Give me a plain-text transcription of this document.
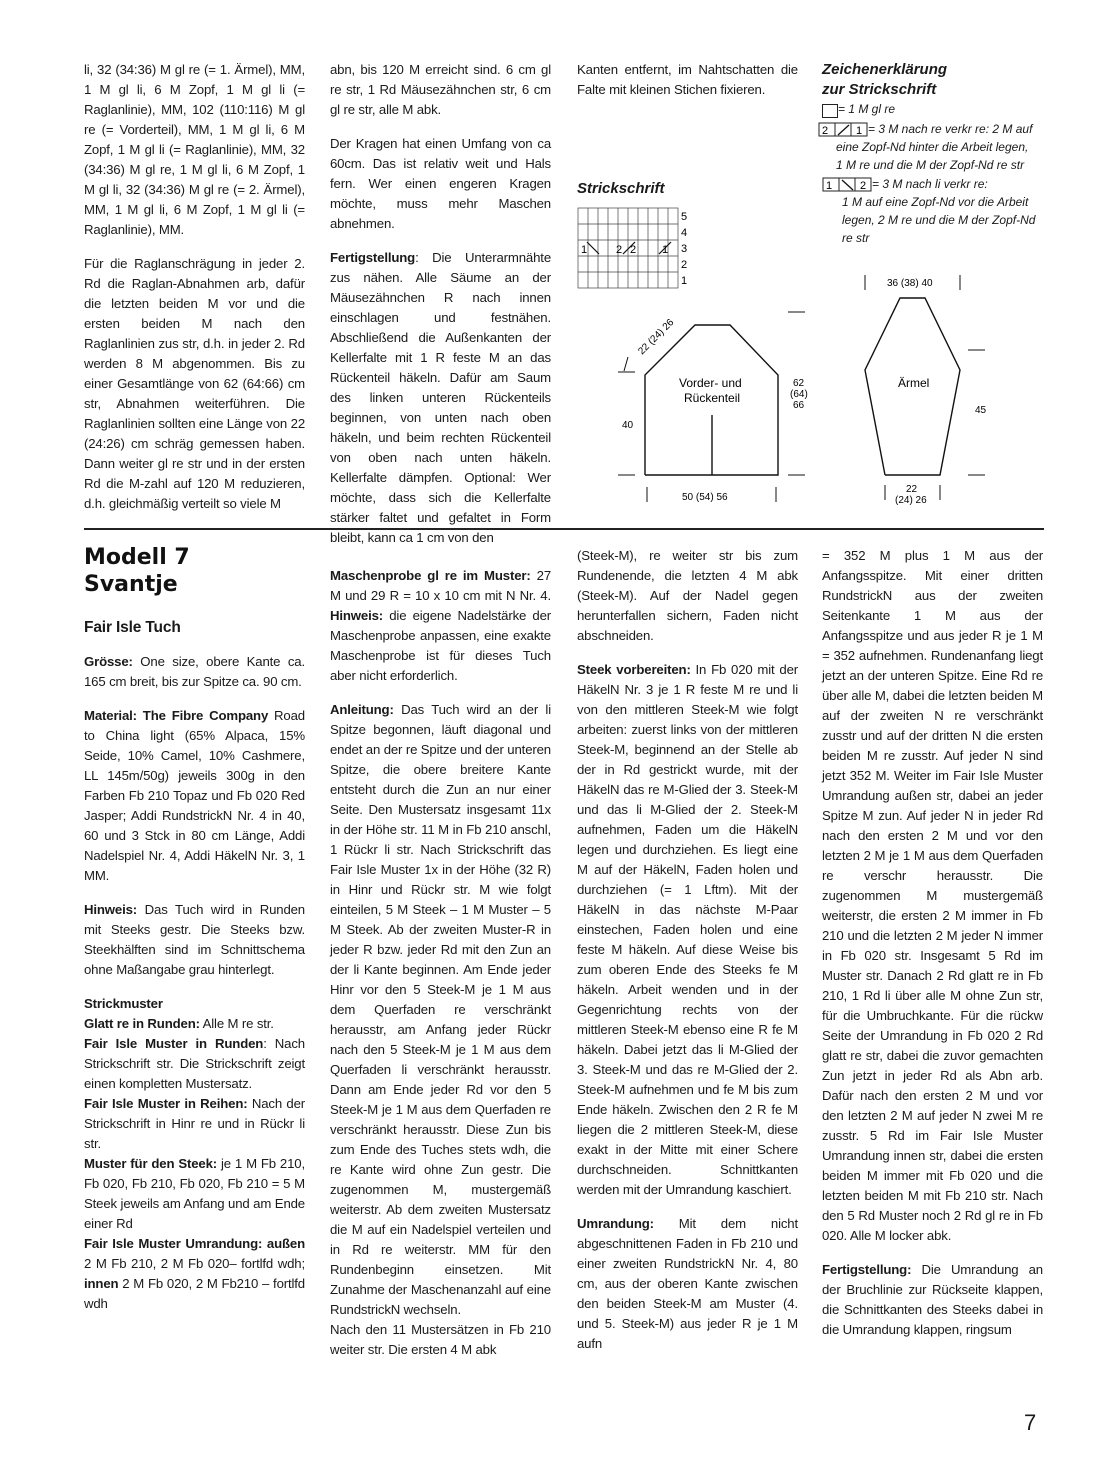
li, 32 (34:36) M gl re (= 1. Ärmel), MM, 1 M gl li, 6 M Zopf, 1 M gl li (= Raglanlinie), MM, 102 (110:116) M gl re (= Vorderteil), MM, 1 M gl li, 6 M Zopf, 1 M gl li (= Raglanlinie), MM, 32 (34:36) M gl re, 1 M gl li, 6 M Zopf, 1 M gl li, 32 (34:36) M gl re (= 2. Ärmel), MM, 1 M gl li, 6 M Zopf, 1 M gl li (= Raglanlinie), MM.

Für die Raglanschrägung in jeder 2. Rd die Raglan-Abnahmen arb, dafür die letzten beiden M vor und die ersten beiden M nach den Raglanlinien zus str, d.h. in jeder 2. Rd werden 8 M abgenommen. Bis zu einer Gesamtlänge von 62 (64:66) cm str, Abnahmen weiterführen. Die Raglanlinien sollten eine Länge von 22 (24:26) cm schräg gemessen haben. Dann weiter gl re str und in der ersten Rd die M-zahl auf 120 M reduzieren, d.h. gleichmäßig verteilt so viele M

abn, bis 120 M erreicht sind. 6 cm gl re str, 1 Rd Mäusezähnchen str, 6 cm gl re str, alle M abk.

Der Kragen hat einen Umfang von ca 60cm. Das ist relativ weit und Hals fern. Wer einen engeren Kragen möchte, muss mehr Maschen abnehmen.

Fertigstellung: Die Unterarmnähte zus nähen. Alle Säume an der Mäusezähnchen R nach innen einschlagen und festnähen. Abschließend die Außenkanten der Kellerfalte mit 1 R feste M an das Rückenteil häkeln. Dafür am Saum des linken unteren Rückenteils beginnen, von unten nach oben häkeln, und beim rechten Rückenteil von oben nach unten häkeln. Kellerfalte dämpfen. Optional: Wer möchte, dass sich die Kellerfalte stärker faltet und gefaltet in Form bleibt, kann ca 1 cm von den

Kanten entfernt, im Nahtschatten die Falte mit kleinen Stichen fixieren.

Strickschrift
1	2 2 1
5
4
3
2
1
Zeichenerklärung
zur Strickschrift
= 1 M gl re
2	1 = 3 M nach re verkr re: 2 M auf
eine Zopf-Nd hinter die Arbeit legen,
1 M re und die M der Zopf-Nd re str
1	2 = 3 M nach li verkr re:
1 M auf eine Zopf-Nd vor die Arbeit
legen, 2 M re und die M der Zopf-Nd
re str
Vorder- und
Rückenteil
40
62
(64)
66
50 (54) 56
22 (24) 26
36 (38) 40
Ärmel
45
22
(24) 26
Modell 7
Svantje

Fair Isle Tuch

Grösse: One size, obere Kante ca. 165 cm breit, bis zur Spitze ca. 90 cm.

Material: The Fibre Company Road to China light (65% Alpaca, 15% Seide, 10% Camel, 10% Cashmere, LL 145m/50g) jeweils 300g in den Farben Fb 210 Topaz und Fb 020 Red Jasper; Addi RundstrickN Nr. 4 in 40, 60 und 3 Stck in 80 cm Länge, Addi Nadelspiel Nr. 4, Addi HäkelN Nr. 3, 1 MM.

Hinweis: Das Tuch wird in Runden mit Steeks gestr. Die Steeks bzw. Steekhälften sind im Schnittschema ohne Maßangabe grau hinterlegt.

Strickmuster

Glatt re in Runden: Alle M re str.

Fair Isle Muster in Runden: Nach Strickschrift str. Die Strickschrift zeigt einen kompletten Mustersatz.

Fair Isle Muster in Reihen: Nach der Strickschrift in Hinr re und in Rückr li str.

Muster für den Steek: je 1 M Fb 210, Fb 020, Fb 210, Fb 020, Fb 210 = 5 M Steek jeweils am Anfang und am Ende einer Rd

Fair Isle Muster Umrandung: außen 2 M Fb 210, 2 M Fb 020– fortlfd wdh; innen 2 M Fb 020, 2 M Fb210 – fortlfd wdh

Maschenprobe gl re im Muster: 27 M und 29 R = 10 x 10 cm mit N Nr. 4. Hinweis: die eigene Nadelstärke der Maschenprobe anpassen, eine exakte Maschenprobe ist für dieses Tuch aber nicht erforderlich.

Anleitung: Das Tuch wird an der li Spitze begonnen, läuft diagonal und endet an der re Spitze und der unteren Spitze, die obere breitere Kante entsteht durch die Zun an nur einer Seite. Den Mustersatz insgesamt 11x in der Höhe str. 11 M in Fb 210 anschl, 1 Rückr li str. Nach Strickschrift das Fair Isle Muster 1x in der Höhe (32 R) in Hinr und Rückr str. M wie folgt einteilen, 5 M Steek – 1 M Muster – 5 M Steek. Ab der zweiten Muster-R in jeder R bzw. jeder Rd mit den Zun an der li Kante beginnen. Am Ende jeder Hinr vor den 5 Steek-M je 1 M aus dem Querfaden re verschränkt herausstr, am Anfang jeder Rückr nach den 5 Steek-M je 1 M aus dem Querfaden li verschränkt herausstr. Dann am Ende jeder Rd vor den 5 Steek-M je 1 M aus dem Querfaden re verschränkt herausstr. Diese Zun bis zum Ende des Tuches stets wdh, die re Kante wird ohne Zun gestr. Die zugenommen M, mustergemäß weiterstr. Ab dem zweiten Mustersatz die M auf ein Nadelspiel verteilen und in Rd re weiterstr. MM für den Rundenbeginn einsetzen. Mit Zunahme der Maschenanzahl auf eine RundstrickN wechseln.

Nach den 11 Mustersätzen in Fb 210 weiter str. Die ersten 4 M abk

(Steek-M), re weiter str bis zum Rundenende, die letzten 4 M abk (Steek-M). Auf der Nadel gegen herunterfallen sichern, Faden nicht abschneiden.

Steek vorbereiten: In Fb 020 mit der HäkelN Nr. 3 je 1 R feste M re und li von den mittleren Steek-M wie folgt arbeiten: zuerst links von der mittleren Steek-M, beginnend an der Stelle ab der in Rd gestrickt wurde, mit der HäkelN das re M-Glied der 3. Steek-M und das li M-Glied der 2. Steek-M aufnehmen, Faden um die HäkelN legen und durchziehen. Es liegt eine M auf der HäkelN, Faden holen und durchziehen (= 1 Lftm). Mit der HäkelN in das nächste M-Paar einstechen, Faden holen und eine feste M häkeln. Auf diese Weise bis zum oberen Ende des Steeks fe M häkeln. Arbeit wenden und in der Gegenrichtung rechts von der mittleren Steek-M ebenso eine R fe M häkeln. Dabei jetzt das li M-Glied der 3. Steek-M und das re M-Glied der 2. Steek-M aufnehmen und fe M bis zum Ende häkeln. Zwischen den 2 R fe M liegen die 2 mittleren Steek-M, diese exakt in der Mitte mit einer Schere durchschneiden. Schnittkanten werden mit der Umrandung kaschiert.

Umrandung: Mit dem nicht abgeschnittenen Faden in Fb 210 und einer zweiten RundstrickN Nr. 4, 80 cm, aus der oberen Kante zwischen den beiden Steek-M am Muster (4. und 5. Steek-M) aus jeder R je 1 M aufn

= 352 M plus 1 M aus der Anfangsspitze. Mit einer dritten RundstrickN aus der zweiten Seitenkante 1 M aus der Anfangsspitze und aus jeder R je 1 M = 352 aufnehmen. Rundenanfang liegt jetzt an der unteren Spitze. Eine Rd re über alle M, dabei die letzten beiden M auf der zweiten N re verschränkt zusstr und auf der dritten N die ersten beiden M re zusstr. Auf jeder N sind jetzt 352 M. Weiter im Fair Isle Muster Umrandung außen str, dabei an jeder Spitze M zun. Auf jeder N in jeder Rd nach den ersten 2 M und vor den letzten 2 M je 1 M aus dem Querfaden re verschr herausstr. Die zugenommen M mustergemäß weiterstr, die ersten 2 M immer in Fb 210 und die letzten 2 M jeder N immer in Fb 020 str. Insgesamt 5 Rd im Muster str. Danach 2 Rd glatt re in Fb 210, 1 Rd li über alle M ohne Zun str, für die Umbruchkante. Für die rückw Seite der Umrandung in Fb 020 2 Rd glatt re str, dabei die zuvor gemachten Zun jetzt in jeder Rd als Abn arb. Dafür nach den ersten 2 M und vor den letzten 2 M auf jeder N zwei M re zusstr. 5 Rd im Fair Isle Muster Umrandung innen str, dabei die ersten beiden M immer mit Fb 020 und die letzten beiden M mit Fb 210 str. Nach den 5 Rd Muster noch 2 Rd gl re in Fb 020. Alle M locker abk.

Fertigstellung: Die Umrandung an der Bruchlinie zur Rückseite klappen, die Schnittkanten des Steeks dabei in die Umrandung klappen, ringsum

7
